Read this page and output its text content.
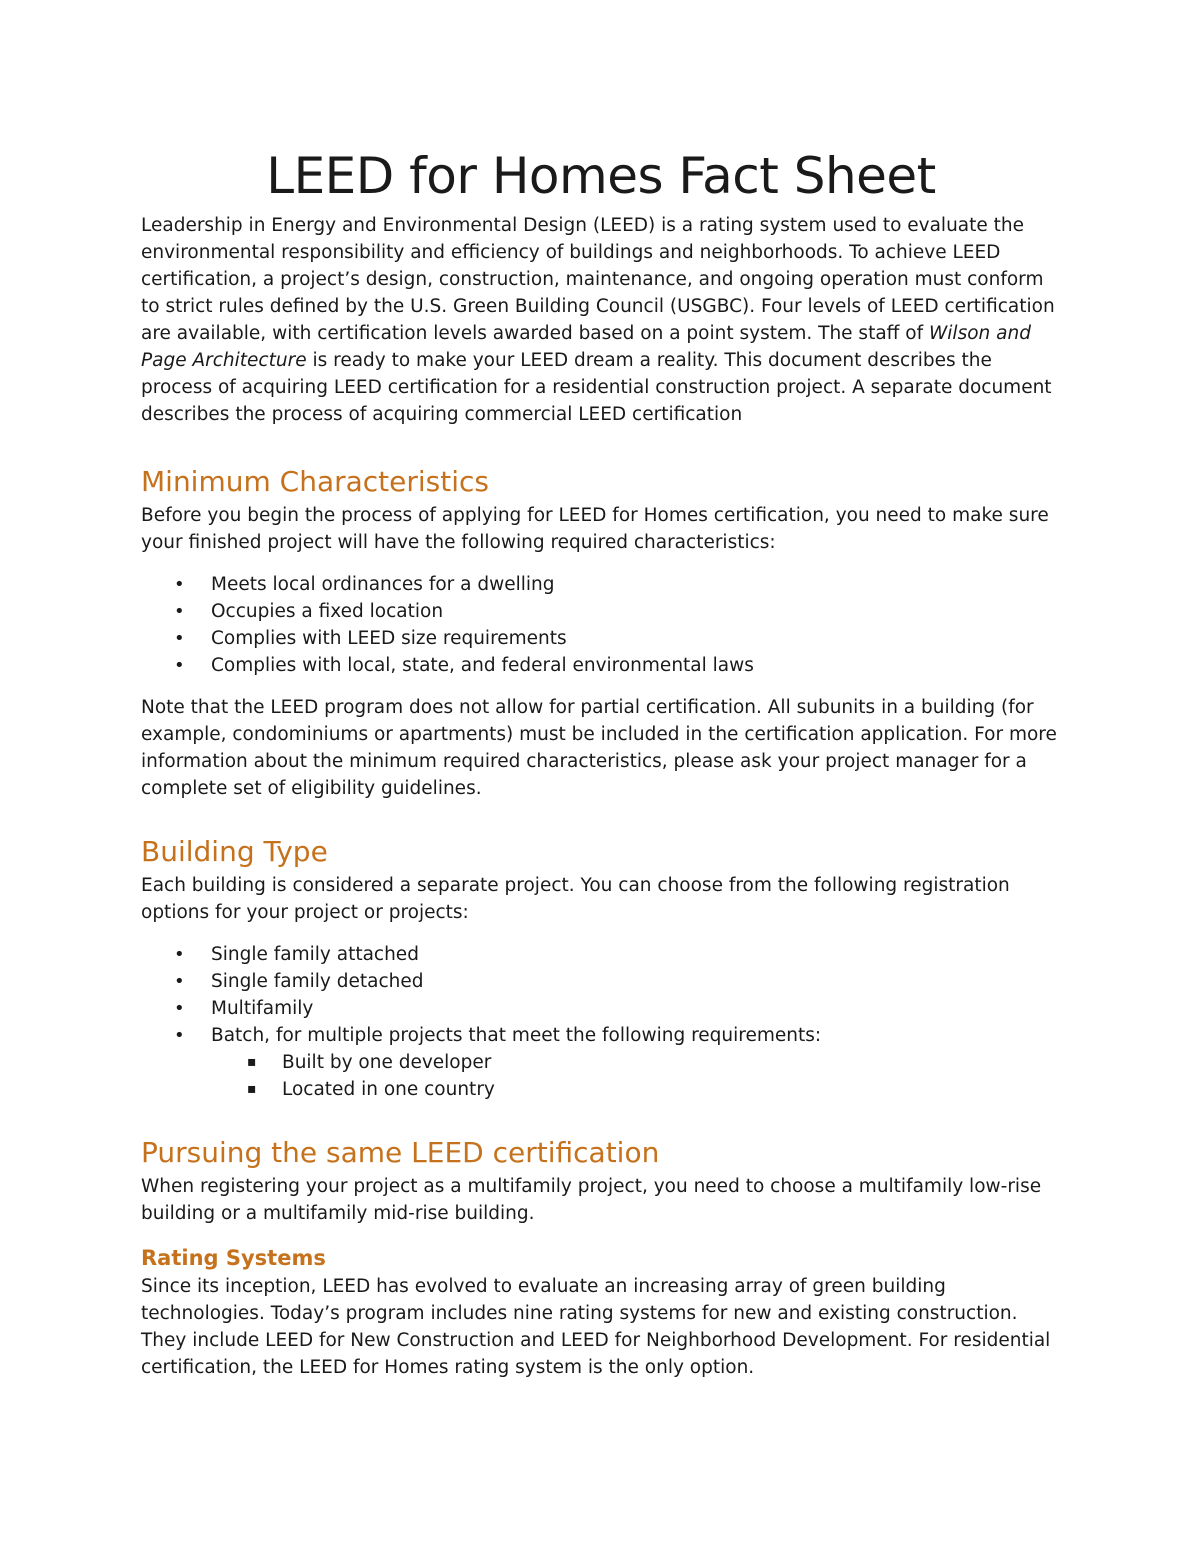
LEED for Homes Fact Sheet

Leadership in Energy and Environmental Design (LEED) is a rating system used to evaluate the environmental responsibility and efficiency of buildings and neighborhoods. To achieve LEED certification, a project’s design, construction, maintenance, and ongoing operation must conform to strict rules defined by the U.S. Green Building Council (USGBC). Four levels of LEED certification are available, with certification levels awarded based on a point system. The staff of Wilson and Page Architecture is ready to make your LEED dream a reality. This document describes the process of acquiring LEED certification for a residential construction project. A separate document describes the process of acquiring commercial LEED certification

Minimum Characteristics

Before you begin the process of applying for LEED for Homes certification, you need to make sure your finished project will have the following required characteristics:

• Meets local ordinances for a dwelling
• Occupies a fixed location
• Complies with LEED size requirements
• Complies with local, state, and federal environmental laws

Note that the LEED program does not allow for partial certification. All subunits in a building (for example, condominiums or apartments) must be included in the certification application. For more information about the minimum required characteristics, please ask your project manager for a complete set of eligibility guidelines.

Building Type

Each building is considered a separate project. You can choose from the following registration options for your project or projects:

• Single family attached
• Single family detached
• Multifamily
• Batch, for multiple projects that meet the following requirements:
▪ Built by one developer
▪ Located in one country
Pursuing the same LEED certification

When registering your project as a multifamily project, you need to choose a multifamily low-rise building or a multifamily mid-rise building.

Rating Systems

Since its inception, LEED has evolved to evaluate an increasing array of green building technologies. Today’s program includes nine rating systems for new and existing construction. They include LEED for New Construction and LEED for Neighborhood Development. For residential certification, the LEED for Homes rating system is the only option.
